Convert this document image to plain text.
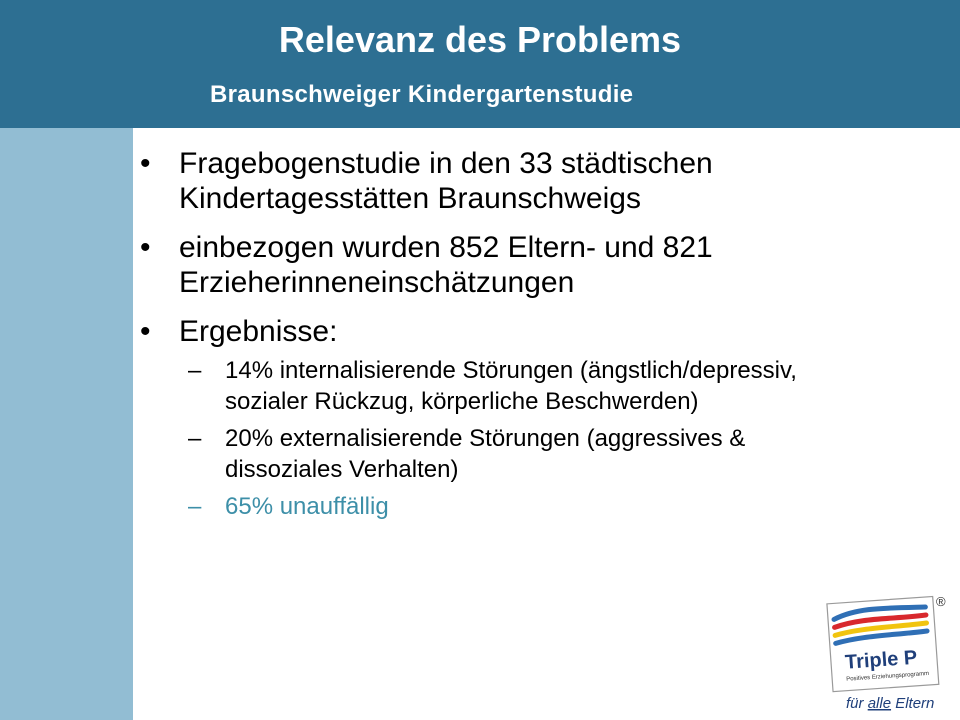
Relevanz des Problems
Braunschweiger Kindergartenstudie
• Fragebogenstudie in den 33 städtischen Kindertagesstätten Braunschweigs
• einbezogen wurden 852 Eltern- und 821 Erzieherinneneinschätzungen
• Ergebnisse:
– 14% internalisierende Störungen (ängstlich/depressiv, sozialer Rückzug, körperliche Beschwerden)
– 20% externalisierende Störungen (aggressives & dissoziales Verhalten)
– 65% unauffällig
Triple P
Positives Erziehungsprogramm
®
für alle Eltern
